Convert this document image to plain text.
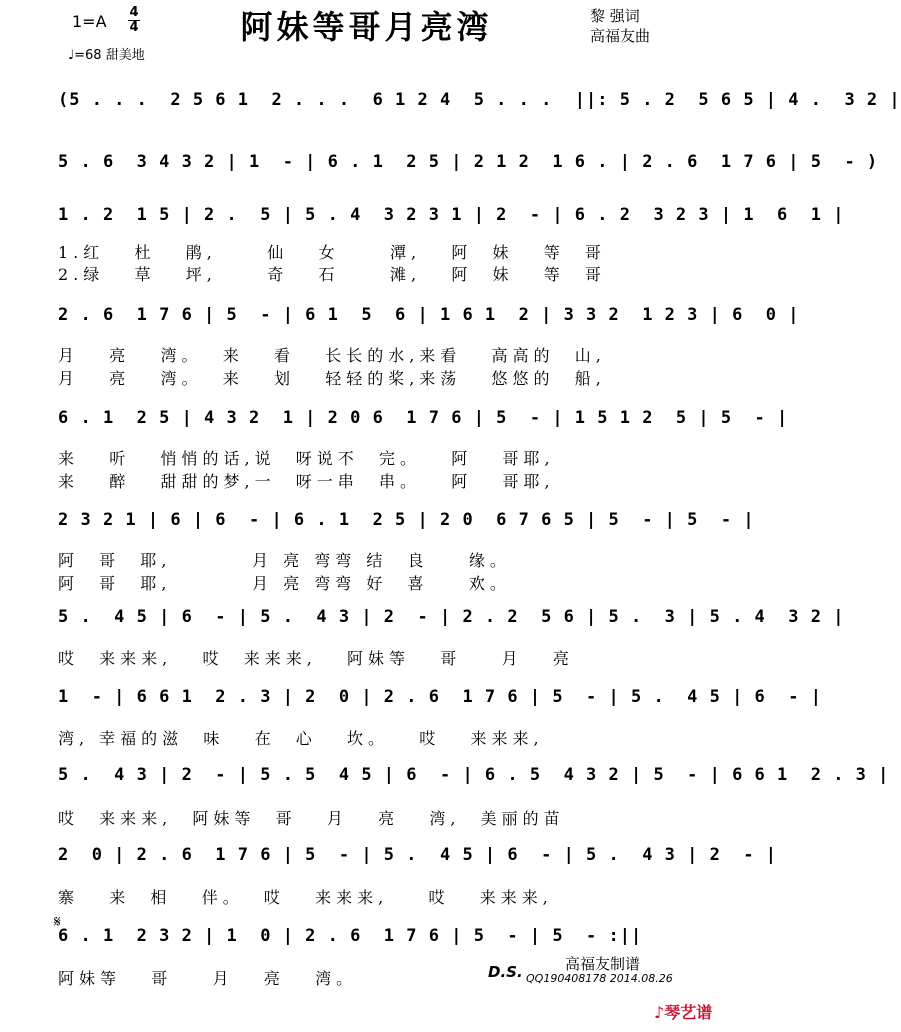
阿妹等哥月亮湾
1=A 4
4
♩=68 甜美地
黎 强词
高福友曲
(5 . . .  2 5 6 1  2 . . .  6 1 2 4  5 . . .  ||: 5 . 2  5 6 5 | 4 .  3 2 |
5 . 6  3 4 3 2 | 1  - | 6 . 1  2 5 | 2 1 2  1 6 . | 2 . 6  1 7 6 | 5  - )
1 . 2  1 5 | 2 .  5 | 5 . 4  3 2 3 1 | 2  - | 6 . 2  3 2 3 | 1  6  1 |
1.红   杜   鹃,     仙   女     潭,   阿  妹   等  哥
2.绿   草   坪,     奇   石     滩,   阿  妹   等  哥
2 . 6  1 7 6 | 5  - | 6 1  5  6 | 1 6 1  2 | 3 3 2  1 2 3 | 6  0 |
月   亮   湾。  来   看   长长的水,来看   高高的  山,
月   亮   湾。  来   划   轻轻的桨,来荡   悠悠的  船,
6 . 1  2 5 | 4 3 2  1 | 2 0 6  1 7 6 | 5  - | 1 5 1 2  5 | 5  - |
来   听   悄悄的话,说  呀说不  完。   阿   哥耶,
来   醉   甜甜的梦,一  呀一串  串。   阿   哥耶,
2 3 2 1 | 6 | 6  - | 6 . 1  2 5 | 2 0  6 7 6 5 | 5  - | 5  - |
阿  哥  耶,        月 亮 弯弯 结  良    缘。
阿  哥  耶,        月 亮 弯弯 好  喜    欢。
5 .  4 5 | 6  - | 5 .  4 3 | 2  - | 2 . 2  5 6 | 5 .  3 | 5 . 4  3 2 |
哎  来来来,   哎  来来来,   阿妹等   哥    月   亮
1  - | 6 6 1  2 . 3 | 2  0 | 2 . 6  1 7 6 | 5  - | 5 .  4 5 | 6  - |
湾, 幸福的滋  味   在  心   坎。   哎   来来来,
5 .  4 3 | 2  - | 5 . 5  4 5 | 6  - | 6 . 5  4 3 2 | 5  - | 6 6 1  2 . 3 |
哎  来来来,  阿妹等  哥   月   亮   湾,  美丽的苗
2  0 | 2 . 6  1 7 6 | 5  - | 5 .  4 5 | 6  - | 5 .  4 3 | 2  - |
寨   来  相   伴。  哎   来来来,    哎   来来来,
𝄋
6 . 1  2 3 2 | 1  0 | 2 . 6  1 7 6 | 5  - | 5  - :||
阿妹等   哥    月   亮   湾。	D.S.	高福友制谱
QQ190408178 2014.08.26
♪琴艺谱
